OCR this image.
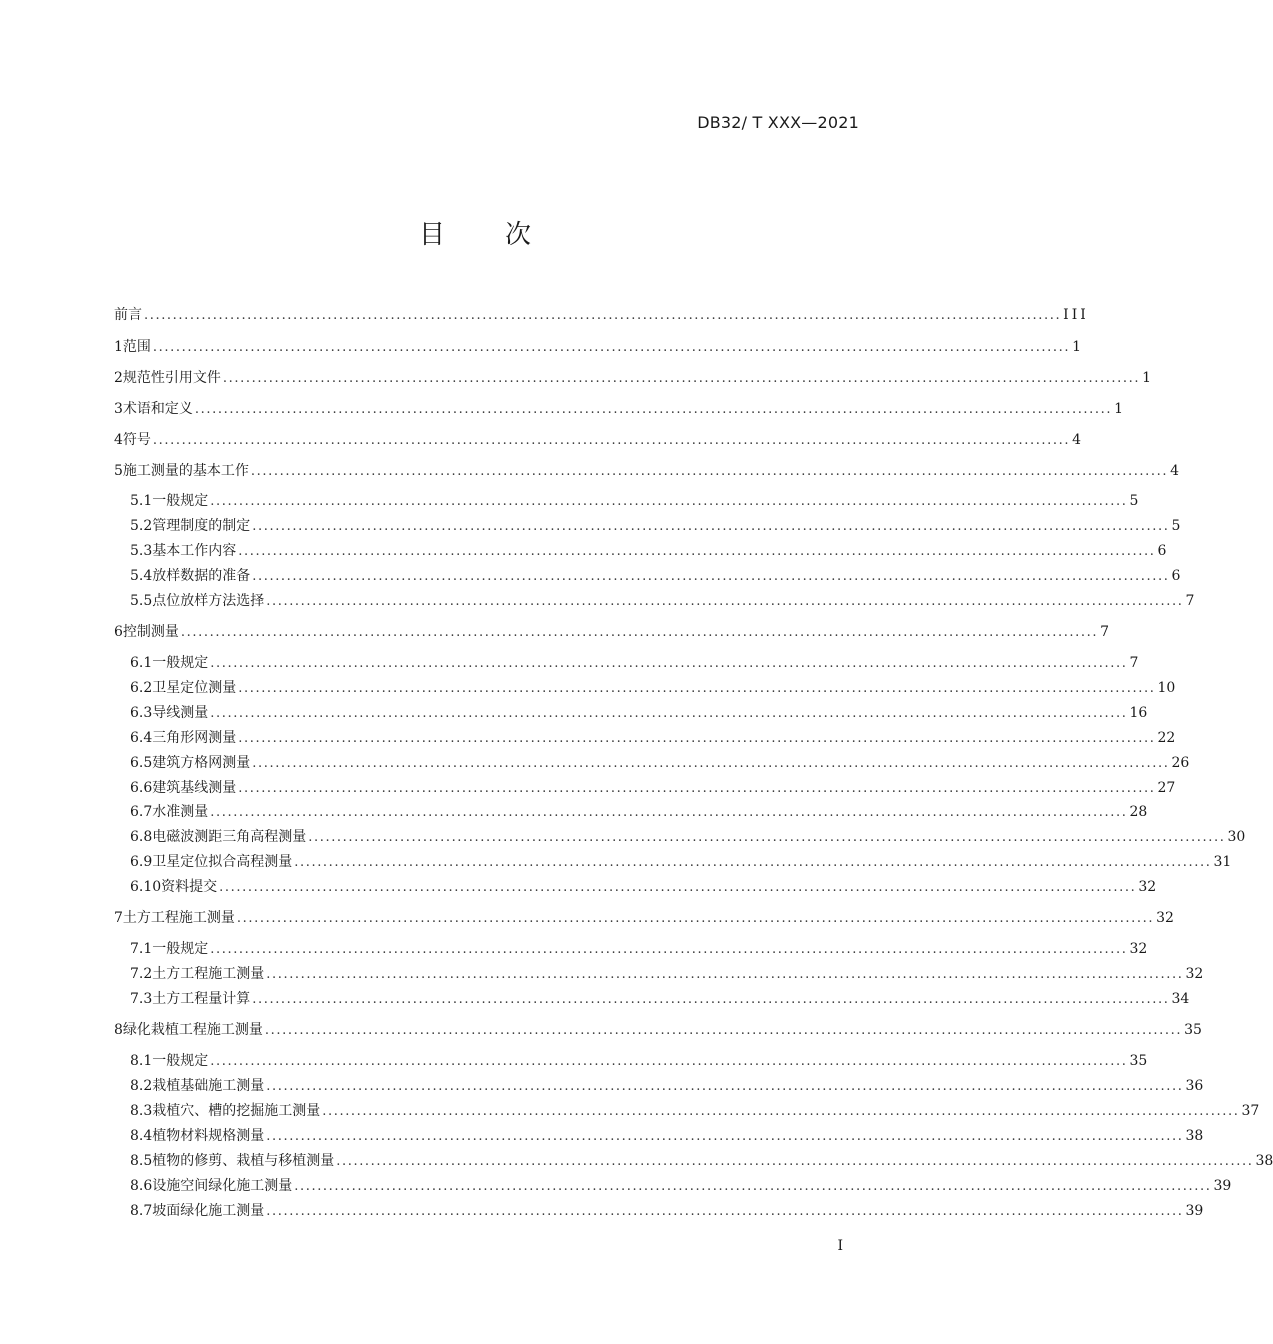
DB32/ T XXX—2021
目 次
前 言 ................................................................................................................................................................ III
1 范围 ................................................................................................................................................................ 1
2 规范性引用文件 ................................................................................................................................................................ 1
3 术语和定义 ................................................................................................................................................................ 1
4 符号 ................................................................................................................................................................ 4
5 施工测量的基本工作 ................................................................................................................................................................ 4
5.1 一般规定 ................................................................................................................................................................ 5
5.2 管理制度的制定 ................................................................................................................................................................ 5
5.3 基本工作内容 ................................................................................................................................................................ 6
5.4 放样数据的准备 ................................................................................................................................................................ 6
5.5 点位放样方法选择 ................................................................................................................................................................ 7
6 控制测量 ................................................................................................................................................................ 7
6.1 一般规定 ................................................................................................................................................................ 7
6.2 卫星定位测量 ................................................................................................................................................................ 10
6.3 导线测量 ................................................................................................................................................................ 16
6.4 三角形网测量 ................................................................................................................................................................ 22
6.5 建筑方格网测量 ................................................................................................................................................................ 26
6.6 建筑基线测量 ................................................................................................................................................................ 27
6.7 水准测量 ................................................................................................................................................................ 28
6.8 电磁波测距三角高程测量 ................................................................................................................................................................ 30
6.9 卫星定位拟合高程测量 ................................................................................................................................................................ 31
6.10 资料提交 ................................................................................................................................................................ 32
7 土方工程施工测量 ................................................................................................................................................................ 32
7.1 一般规定 ................................................................................................................................................................ 32
7.2 土方工程施工测量 ................................................................................................................................................................ 32
7.3 土方工程量计算 ................................................................................................................................................................ 34
8 绿化栽植工程施工测量 ................................................................................................................................................................ 35
8.1 一般规定 ................................................................................................................................................................ 35
8.2 栽植基础施工测量 ................................................................................................................................................................ 36
8.3 栽植穴、槽的挖掘施工测量 ................................................................................................................................................................ 37
8.4 植物材料规格测量 ................................................................................................................................................................ 38
8.5 植物的修剪、栽植与移植测量 ................................................................................................................................................................ 38
8.6 设施空间绿化施工测量 ................................................................................................................................................................ 39
8.7 坡面绿化施工测量 ................................................................................................................................................................ 39
I
